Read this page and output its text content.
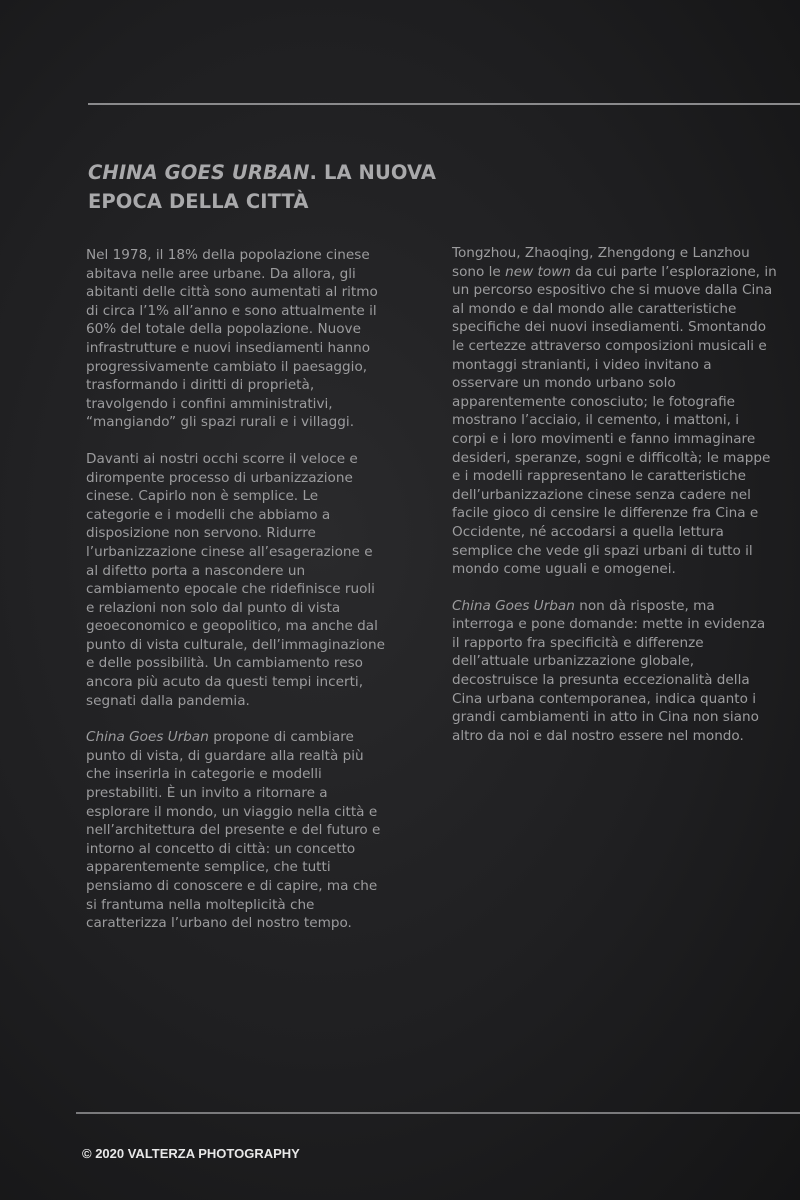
CHINA GOES URBAN. LA NUOVA EPOCA DELLA CITTÀ

Nel 1978, il 18% della popolazione cinese abitava nelle aree urbane. Da allora, gli abitanti delle città sono aumentati al ritmo di circa l’1% all’anno e sono attualmente il 60% del totale della popolazione. Nuove infrastrutture e nuovi insediamenti hanno progressivamente cambiato il paesaggio, trasformando i diritti di proprietà, travolgendo i confini amministrativi, “mangiando” gli spazi rurali e i villaggi.

Davanti ai nostri occhi scorre il veloce e dirompente processo di urbanizzazione cinese. Capirlo non è semplice. Le categorie e i modelli che abbiamo a disposizione non servono. Ridurre l’urbanizzazione cinese all’esagerazione e al difetto porta a nascondere un cambiamento epocale che ridefinisce ruoli e relazioni non solo dal punto di vista geoeconomico e geopolitico, ma anche dal punto di vista culturale, dell’immaginazione e delle possibilità. Un cambiamento reso ancora più acuto da questi tempi incerti, segnati dalla pandemia.

China Goes Urban propone di cambiare punto di vista, di guardare alla realtà più che inserirla in categorie e modelli prestabiliti. È un invito a ritornare a esplorare il mondo, un viaggio nella città e nell’architettura del presente e del futuro e intorno al concetto di città: un concetto apparentemente semplice, che tutti pensiamo di conoscere e di capire, ma che si frantuma nella molteplicità che caratterizza l’urbano del nostro tempo.

Tongzhou, Zhaoqing, Zhengdong e Lanzhou sono le new town da cui parte l’esplorazione, in un percorso espositivo che si muove dalla Cina al mondo e dal mondo alle caratteristiche specifiche dei nuovi insediamenti. Smontando le certezze attraverso composizioni musicali e montaggi stranianti, i video invitano a osservare un mondo urbano solo apparentemente conosciuto; le fotografie mostrano l’acciaio, il cemento, i mattoni, i corpi e i loro movimenti e fanno immaginare desideri, speranze, sogni e difficoltà; le mappe e i modelli rappresentano le caratteristiche dell’urbanizzazione cinese senza cadere nel facile gioco di censire le differenze fra Cina e Occidente, né accodarsi a quella lettura semplice che vede gli spazi urbani di tutto il mondo come uguali e omogenei.

China Goes Urban non dà risposte, ma interroga e pone domande: mette in evidenza il rapporto fra specificità e differenze dell’attuale urbanizzazione globale, decostruisce la presunta eccezionalità della Cina urbana contemporanea, indica quanto i grandi cambiamenti in atto in Cina non siano altro da noi e dal nostro essere nel mondo.

© 2020 VALTERZA PHOTOGRAPHY
